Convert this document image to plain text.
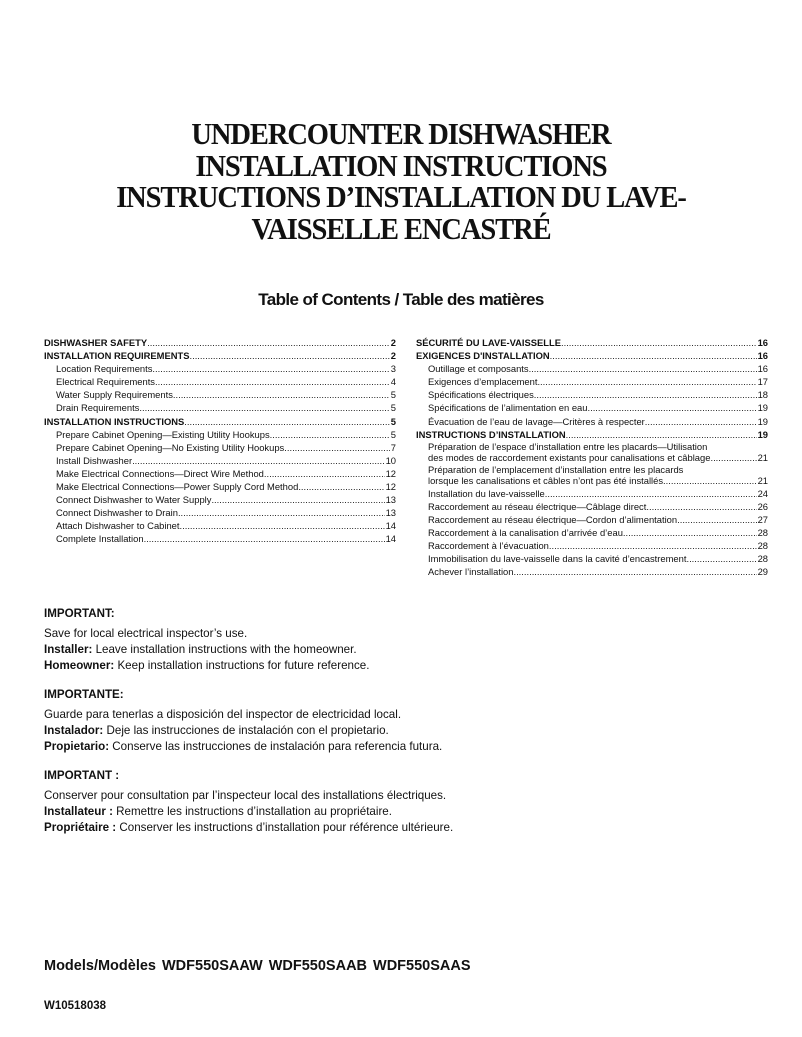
UNDERCOUNTER DISHWASHER
INSTALLATION INSTRUCTIONS
INSTRUCTIONS D’INSTALLATION DU LAVE-
VAISSELLE ENCASTRÉ
Table of Contents / Table des matières
DISHWASHER SAFETY .....	2
INSTALLATION REQUIREMENTS .....	2
Location Requirements .....	3
Electrical Requirements .....	4
Water Supply Requirements .....	5
Drain Requirements .....	5
INSTALLATION INSTRUCTIONS .....	5
Prepare Cabinet Opening—Existing Utility Hookups .....	5
Prepare Cabinet Opening—No Existing Utility Hookups .....	7
Install Dishwasher .....	10
Make Electrical Connections—Direct Wire Method .....	12
Make Electrical Connections—Power Supply Cord Method .....	12
Connect Dishwasher to Water Supply .....	13
Connect Dishwasher to Drain .....	13
Attach Dishwasher to Cabinet .....	14
Complete Installation .....	14
SÉCURITÉ DU LAVE-VAISSELLE .....	16
EXIGENCES D'INSTALLATION .....	16
Outillage et composants .....	16
Exigences d’emplacement .....	17
Spécifications électriques .....	18
Spécifications de l’alimentation en eau .....	19
Évacuation de l’eau de lavage—Critères à respecter .....	19
INSTRUCTIONS D’INSTALLATION .....	19
Préparation de l’espace d’installation entre les placards—Utilisation
des modes de raccordement existants pour canalisations et câblage .....	21
Préparation de l’emplacement d’installation entre les placards
lorsque les canalisations et câbles n’ont pas été installés .....	21
Installation du lave-vaisselle .....	24
Raccordement au réseau électrique—Câblage direct .....	26
Raccordement au réseau électrique—Cordon d’alimentation .....	27
Raccordement à la canalisation d’arrivée d’eau .....	28
Raccordement à l’évacuation .....	28
Immobilisation du lave-vaisselle dans la cavité d’encastrement .....	28
Achever l’installation .....	29
IMPORTANT:
Save for local electrical inspector’s use.
Installer: Leave installation instructions with the homeowner.
Homeowner: Keep installation instructions for future reference.
IMPORTANTE:
Guarde para tenerlas a disposición del inspector de electricidad local.
Instalador: Deje las instrucciones de instalación con el propietario.
Propietario: Conserve las instrucciones de instalación para referencia futura.
IMPORTANT :
Conserver pour consultation par l’inspecteur local des installations électriques.
Installateur : Remettre les instructions d’installation au propriétaire.
Propriétaire : Conserver les instructions d’installation pour référence ultérieure.
Models/Modèles WDF550SAAW WDF550SAAB WDF550SAAS
W10518038
